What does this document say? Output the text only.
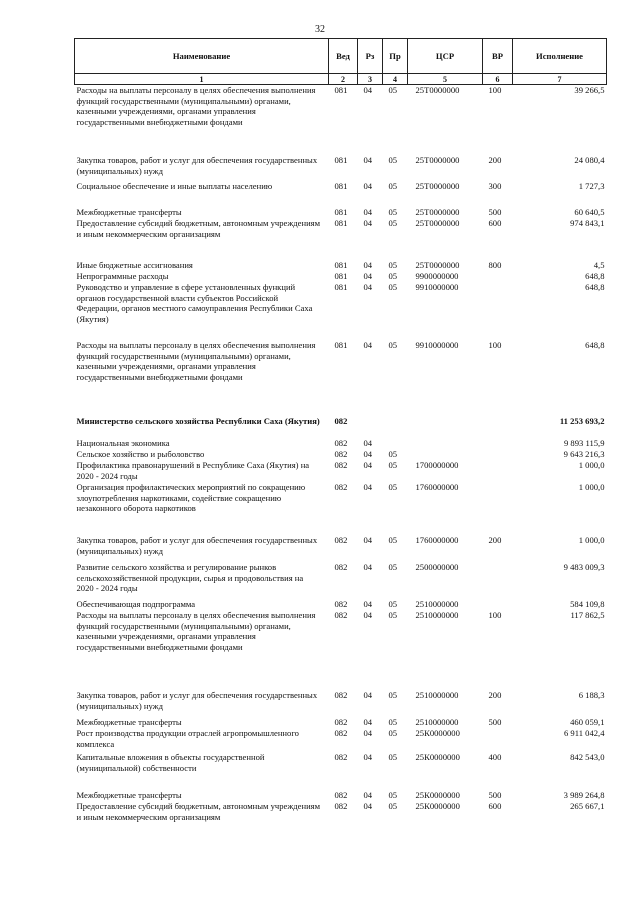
32
Наименование	Вед	Рз	Пр	ЦСР	ВР	Исполнение
1	2	3	4	5	6	7
Расходы на выплаты персоналу в целях обеспечения выполнения функций государственными (муниципальными) органами, казенными учреждениями, органами управления государственными внебюджетными фондами	081	04	05	25Т0000000	100	39 266,5
Закупка товаров, работ и услуг для обеспечения государственных (муниципальных) нужд	081	04	05	25Т0000000	200	24 080,4
Социальное обеспечение и иные выплаты населению	081	04	05	25Т0000000	300	1 727,3
Межбюджетные трансферты	081	04	05	25Т0000000	500	60 640,5
Предоставление субсидий бюджетным, автономным учреждениям и иным некоммерческим организациям	081	04	05	25Т0000000	600	974 843,1
Иные бюджетные ассигнования	081	04	05	25Т0000000	800	4,5
Непрограммные расходы	081	04	05	9900000000		648,8
Руководство и управление в сфере установленных функций органов государственной власти субъектов Российской Федерации, органов местного самоуправления Республики Саха (Якутия)	081	04	05	9910000000		648,8
Расходы на выплаты персоналу в целях обеспечения выполнения функций государственными (муниципальными) органами, казенными учреждениями, органами управления государственными внебюджетными фондами	081	04	05	9910000000	100	648,8
Министерство сельского хозяйства Республики Саха (Якутия)	082					11 253 693,2
Национальная экономика	082	04				9 893 115,9
Сельское хозяйство и рыболовство	082	04	05			9 643 216,3
Профилактика правонарушений в Республике Саха (Якутия) на 2020 - 2024 годы	082	04	05	1700000000		1 000,0
Организация профилактических мероприятий по сокращению злоупотребления наркотиками, содействие сокращению незаконного оборота наркотиков	082	04	05	1760000000		1 000,0
Закупка товаров, работ и услуг для обеспечения государственных (муниципальных) нужд	082	04	05	1760000000	200	1 000,0
Развитие сельского хозяйства и регулирование рынков сельскохозяйственной продукции, сырья и продовольствия на 2020 - 2024 годы	082	04	05	2500000000		9 483 009,3
Обеспечивающая подпрограмма	082	04	05	2510000000		584 109,8
Расходы на выплаты персоналу в целях обеспечения выполнения функций государственными (муниципальными) органами, казенными учреждениями, органами управления государственными внебюджетными фондами	082	04	05	2510000000	100	117 862,5
Закупка товаров, работ и услуг для обеспечения государственных (муниципальных) нужд	082	04	05	2510000000	200	6 188,3
Межбюджетные трансферты	082	04	05	2510000000	500	460 059,1
Рост производства продукции отраслей агропромышленного комплекса	082	04	05	25К0000000		6 911 042,4
Капитальные вложения в объекты государственной (муниципальной) собственности	082	04	05	25К0000000	400	842 543,0
Межбюджетные трансферты	082	04	05	25К0000000	500	3 989 264,8
Предоставление субсидий бюджетным, автономным учреждениям и иным некоммерческим организациям	082	04	05	25К0000000	600	265 667,1
